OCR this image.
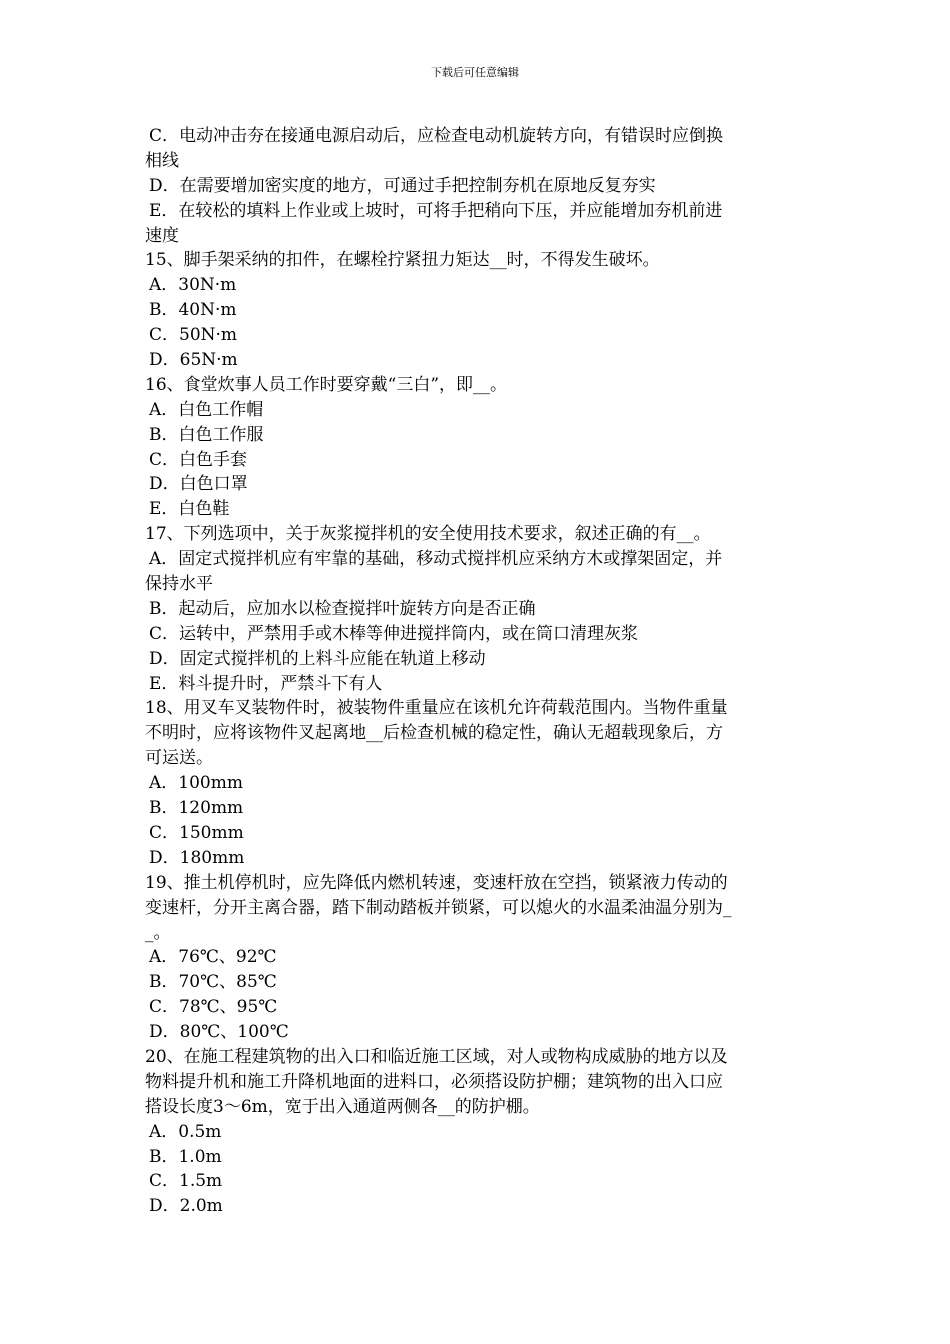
下载后可任意编辑
C．电动冲击夯在接通电源启动后，应检查电动机旋转方向，有错误时应倒换
相线
D．在需要增加密实度的地方，可通过手把控制夯机在原地反复夯实
E．在较松的填料上作业或上坡时，可将手把稍向下压，并应能增加夯机前进
速度
15、脚手架采纳的扣件，在螺栓拧紧扭力矩达__时，不得发生破坏。
A．30N·m
B．40N·m
C．50N·m
D．65N·m
16、食堂炊事人员工作时要穿戴“三白”，即__。
A．白色工作帽
B．白色工作服
C．白色手套
D．白色口罩
E．白色鞋
17、下列选项中，关于灰浆搅拌机的安全使用技术要求，叙述正确的有__。
A．固定式搅拌机应有牢靠的基础，移动式搅拌机应采纳方木或撑架固定，并
保持水平
B．起动后，应加水以检查搅拌叶旋转方向是否正确
C．运转中，严禁用手或木棒等伸进搅拌筒内，或在筒口清理灰浆
D．固定式搅拌机的上料斗应能在轨道上移动
E．料斗提升时，严禁斗下有人
18、用叉车叉装物件时，被装物件重量应在该机允许荷载范围内。当物件重量
不明时，应将该物件叉起离地__后检查机械的稳定性，确认无超载现象后，方
可运送。
A．100mm
B．120mm
C．150mm
D．180mm
19、推土机停机时，应先降低内燃机转速，变速杆放在空挡，锁紧液力传动的
变速杆，分开主离合器，踏下制动踏板并锁紧，可以熄火的水温柔油温分别为_
_。
A．76℃、92℃
B．70℃、85℃
C．78℃、95℃
D．80℃、100℃
20、在施工程建筑物的出入口和临近施工区域，对人或物构成威胁的地方以及
物料提升机和施工升降机地面的进料口，必须搭设防护棚；建筑物的出入口应
搭设长度3～6m，宽于出入通道两侧各__的防护棚。
A．0.5m
B．1.0m
C．1.5m
D．2.0m
